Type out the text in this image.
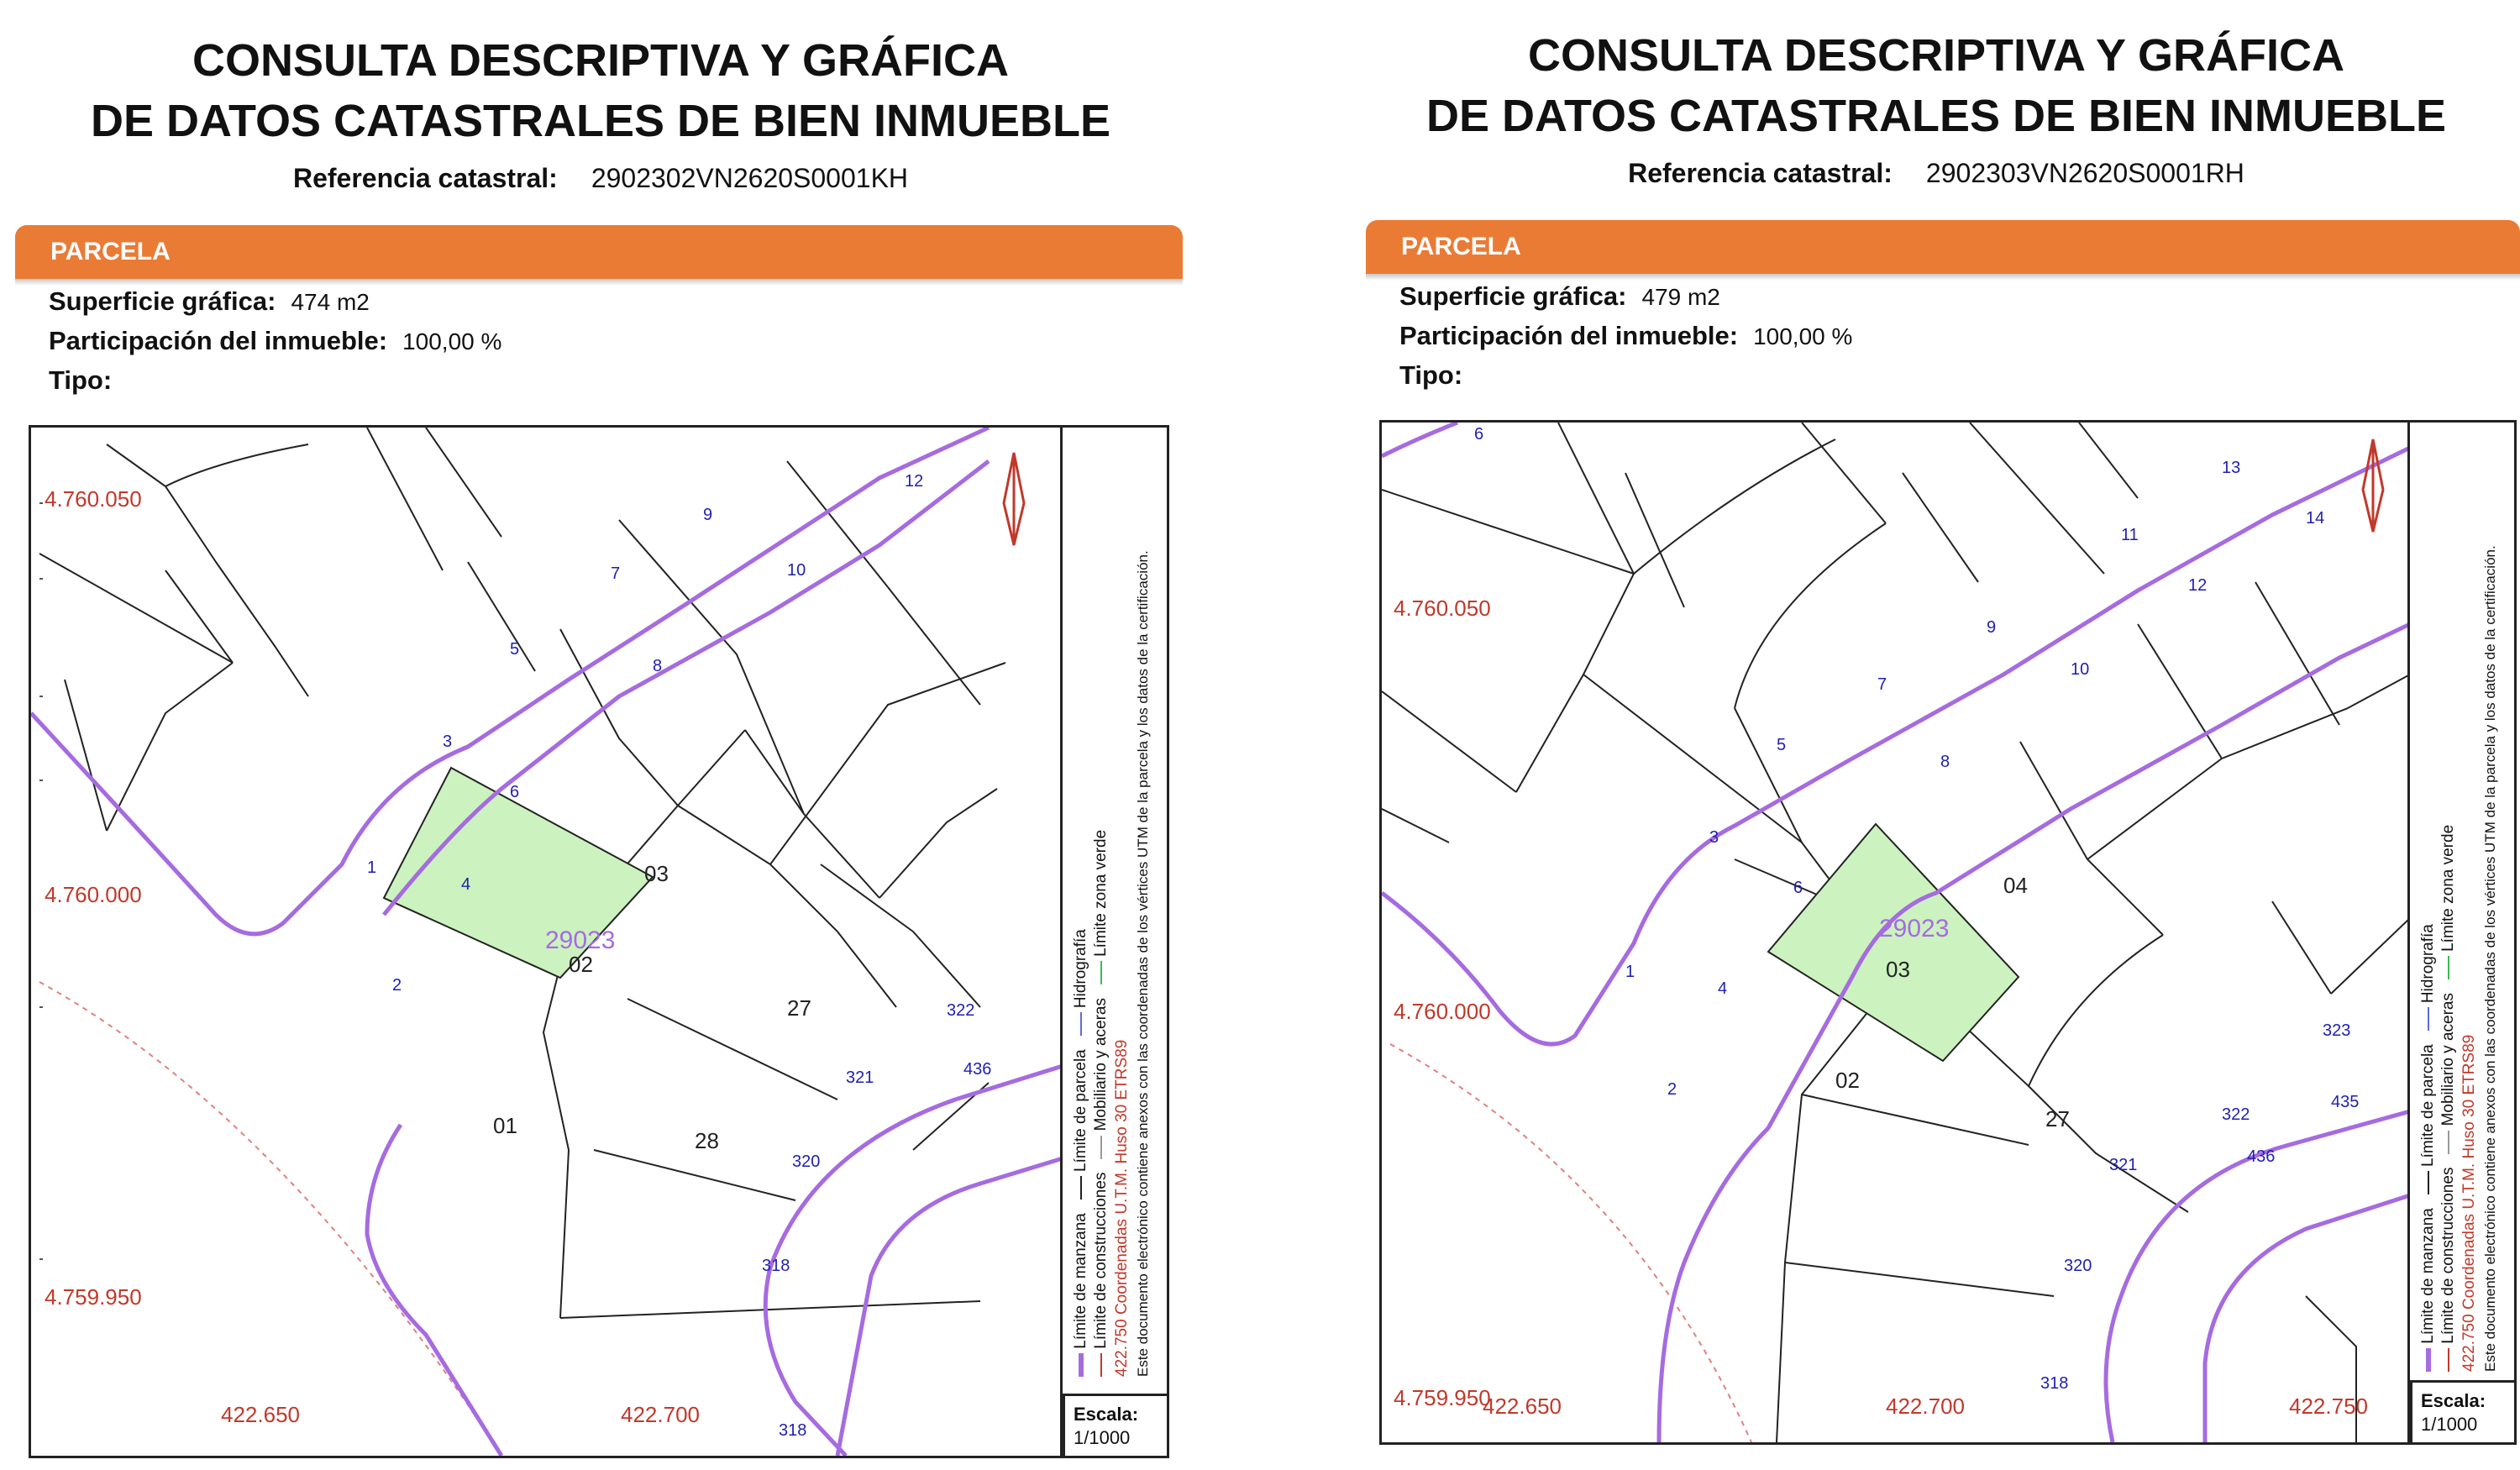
CONSULTA DESCRIPTIVA Y GRÁFICA
DE DATOS CATASTRALES DE BIEN INMUEBLE
Referencia catastral: 2902302VN2620S0001KH
PARCELA
Superficie gráfica: 474 m2
Participación del inmueble: 100,00 %
Tipo:
4.760.050
4.760.000
4.759.950
422.650	422.700
03
02
27
01
28
29023
1
2
3
4
5
6
7
8
9
10
12
318
320
321
322
436
318
Límite de manzana    Límite de parcela    Hidrografía
Límite de construcciones    Mobiliario y aceras    Límite zona verde
422.750 Coordenadas U.T.M. Huso 30 ETRS89 Este documento electrónico contiene anexos con las coordenadas de los vértices UTM de la parcela y los datos de la certificación.
Escala:
1/1000
CONSULTA DESCRIPTIVA Y GRÁFICA
DE DATOS CATASTRALES DE BIEN INMUEBLE
Referencia catastral: 2902303VN2620S0001RH
PARCELA
Superficie gráfica: 479 m2
Participación del inmueble: 100,00 %
Tipo:
4.760.050
4.760.000
4.759.950
422.650	422.700	422.750
04
03
02
27
29023
6
1
2
3
4
5
6
7
8
9
10
11
12
13
14
318
320
321
322
323
435
436
Límite de manzana    Límite de parcela    Hidrografía
Límite de construcciones    Mobiliario y aceras    Límite zona verde
422.750 Coordenadas U.T.M. Huso 30 ETRS89 Este documento electrónico contiene anexos con las coordenadas de los vértices UTM de la parcela y los datos de la certificación.
Escala:
1/1000
